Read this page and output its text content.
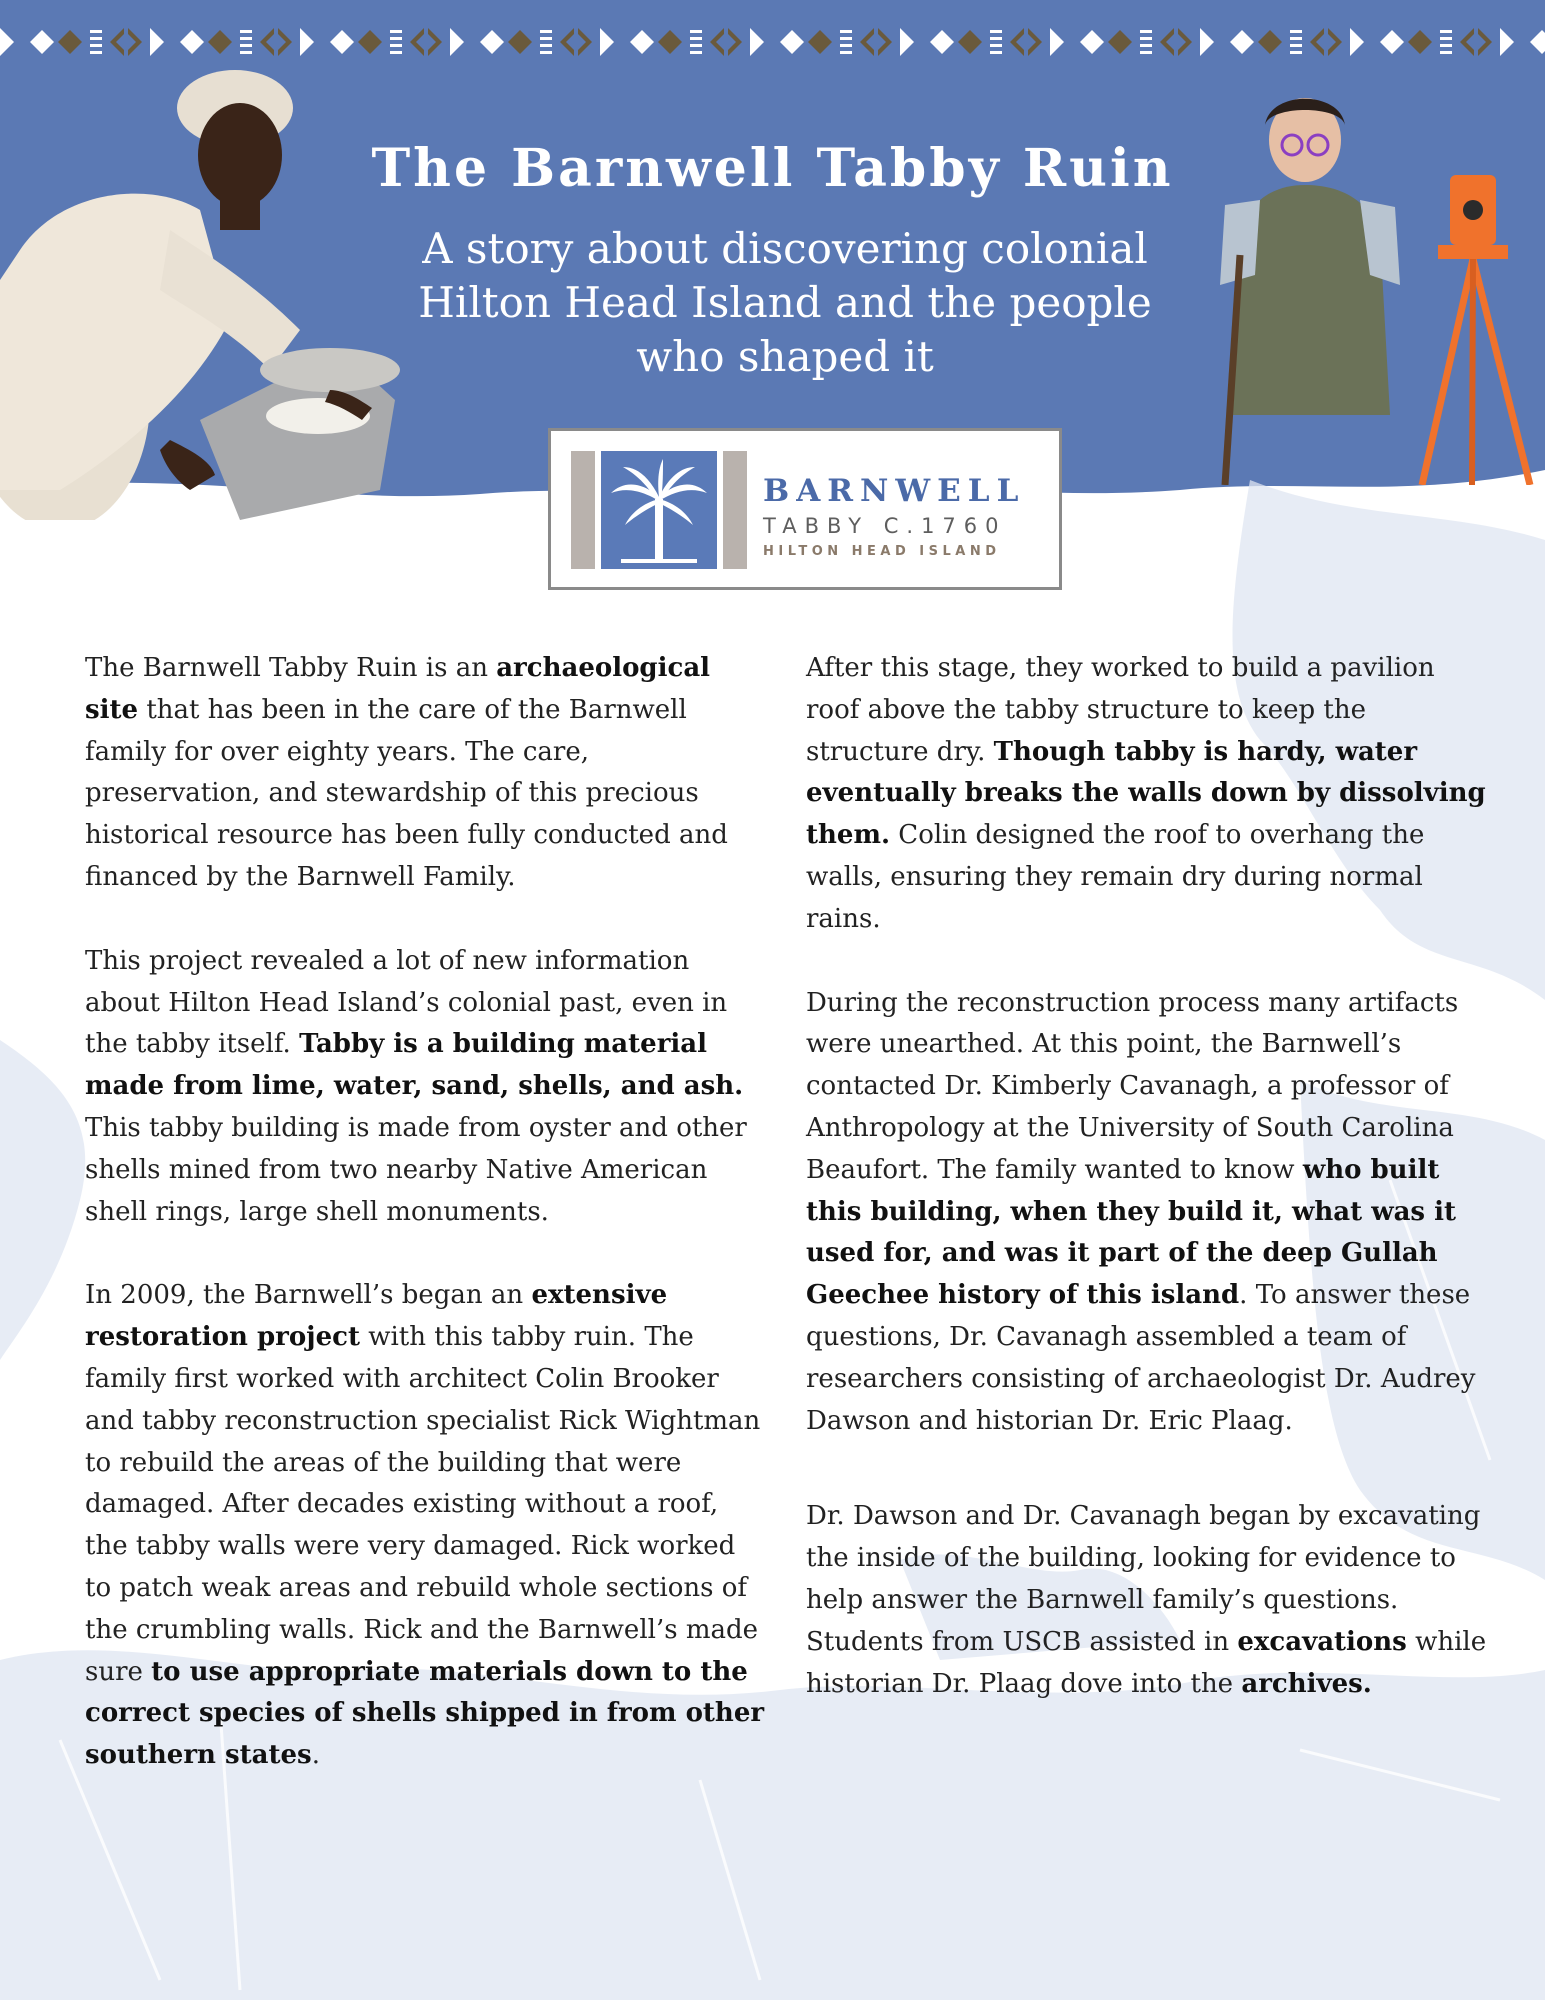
The Barnwell Tabby Ruin
A story about discovering colonial Hilton Head Island and the people who shaped it
BARNWELL
TABBY C.1760
HILTON HEAD ISLAND

The Barnwell Tabby Ruin is an archaeological site that has been in the care of the Barnwell family for over eighty years. The care, preservation, and stewardship of this precious historical resource has been fully conducted and financed by the Barnwell Family.

This project revealed a lot of new information about Hilton Head Island’s colonial past, even in the tabby itself. Tabby is a building material made from lime, water, sand, shells, and ash. This tabby building is made from oyster and other shells mined from two nearby Native American shell rings, large shell monuments.

In 2009, the Barnwell’s began an extensive restoration project with this tabby ruin. The family first worked with architect Colin Brooker and tabby reconstruction specialist Rick Wightman to rebuild the areas of the building that were damaged. After decades existing without a roof, the tabby walls were very damaged. Rick worked to patch weak areas and rebuild whole sections of the crumbling walls. Rick and the Barnwell’s made sure to use appropriate materials down to the correct species of shells shipped in from other southern states.

After this stage, they worked to build a pavilion roof above the tabby structure to keep the structure dry. Though tabby is hardy, water eventually breaks the walls down by dissolving them. Colin designed the roof to overhang the walls, ensuring they remain dry during normal rains.

During the reconstruction process many artifacts were unearthed. At this point, the Barnwell’s contacted Dr. Kimberly Cavanagh, a professor of Anthropology at the University of South Carolina Beaufort. The family wanted to know who built this building, when they build it, what was it used for, and was it part of the deep Gullah Geechee history of this island. To answer these questions, Dr. Cavanagh assembled a team of researchers consisting of archaeologist Dr. Audrey Dawson and historian Dr. Eric Plaag.

Dr. Dawson and Dr. Cavanagh began by excavating the inside of the building, looking for evidence to help answer the Barnwell family’s questions. Students from USCB assisted in excavations while historian Dr. Plaag dove into the archives.
